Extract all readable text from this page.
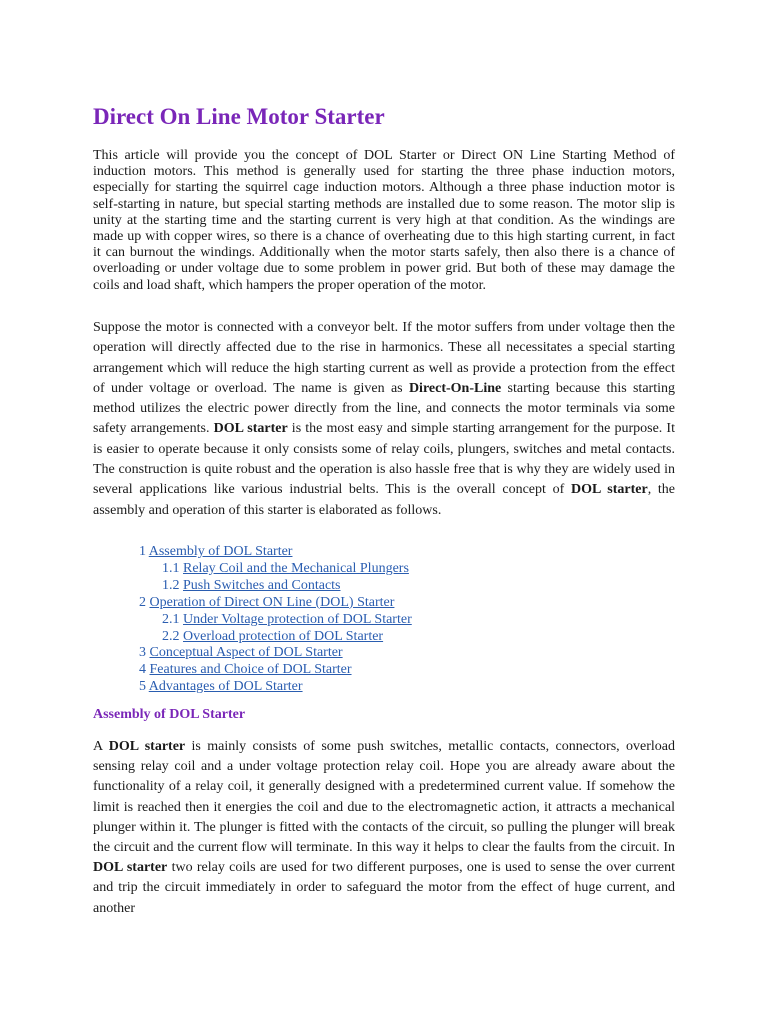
Direct On Line Motor Starter

This article will provide you the concept of DOL Starter or Direct ON Line Starting Method of induction motors. This method is generally used for starting the three phase induction motors, especially for starting the squirrel cage induction motors. Although a three phase induction motor is self-starting in nature, but special starting methods are installed due to some reason. The motor slip is unity at the starting time and the starting current is very high at that condition. As the windings are made up with copper wires, so there is a chance of overheating due to this high starting current, in fact it can burnout the windings. Additionally when the motor starts safely, then also there is a chance of overloading or under voltage due to some problem in power grid. But both of these may damage the coils and load shaft, which hampers the proper operation of the motor.

Suppose the motor is connected with a conveyor belt. If the motor suffers from under voltage then the operation will directly affected due to the rise in harmonics. These all necessitates a special starting arrangement which will reduce the high starting current as well as provide a protection from the effect of under voltage or overload. The name is given as Direct-On-Line starting because this starting method utilizes the electric power directly from the line, and connects the motor terminals via some safety arrangements. DOL starter is the most easy and simple starting arrangement for the purpose. It is easier to operate because it only consists some of relay coils, plungers, switches and metal contacts. The construction is quite robust and the operation is also hassle free that is why they are widely used in several applications like various industrial belts. This is the overall concept of DOL starter, the assembly and operation of this starter is elaborated as follows.

1 Assembly of DOL Starter
1.1 Relay Coil and the Mechanical Plungers
1.2 Push Switches and Contacts
2 Operation of Direct ON Line (DOL) Starter
2.1 Under Voltage protection of DOL Starter
2.2 Overload protection of DOL Starter
3 Conceptual Aspect of DOL Starter
4 Features and Choice of DOL Starter
5 Advantages of DOL Starter
Assembly of DOL Starter

A DOL starter is mainly consists of some push switches, metallic contacts, connectors, overload sensing relay coil and a under voltage protection relay coil. Hope you are already aware about the functionality of a relay coil, it generally designed with a predetermined current value. If somehow the limit is reached then it energies the coil and due to the electromagnetic action, it attracts a mechanical plunger within it. The plunger is fitted with the contacts of the circuit, so pulling the plunger will break the circuit and the current flow will terminate. In this way it helps to clear the faults from the circuit. In DOL starter two relay coils are used for two different purposes, one is used to sense the over current and trip the circuit immediately in order to safeguard the motor from the effect of huge current, and another
